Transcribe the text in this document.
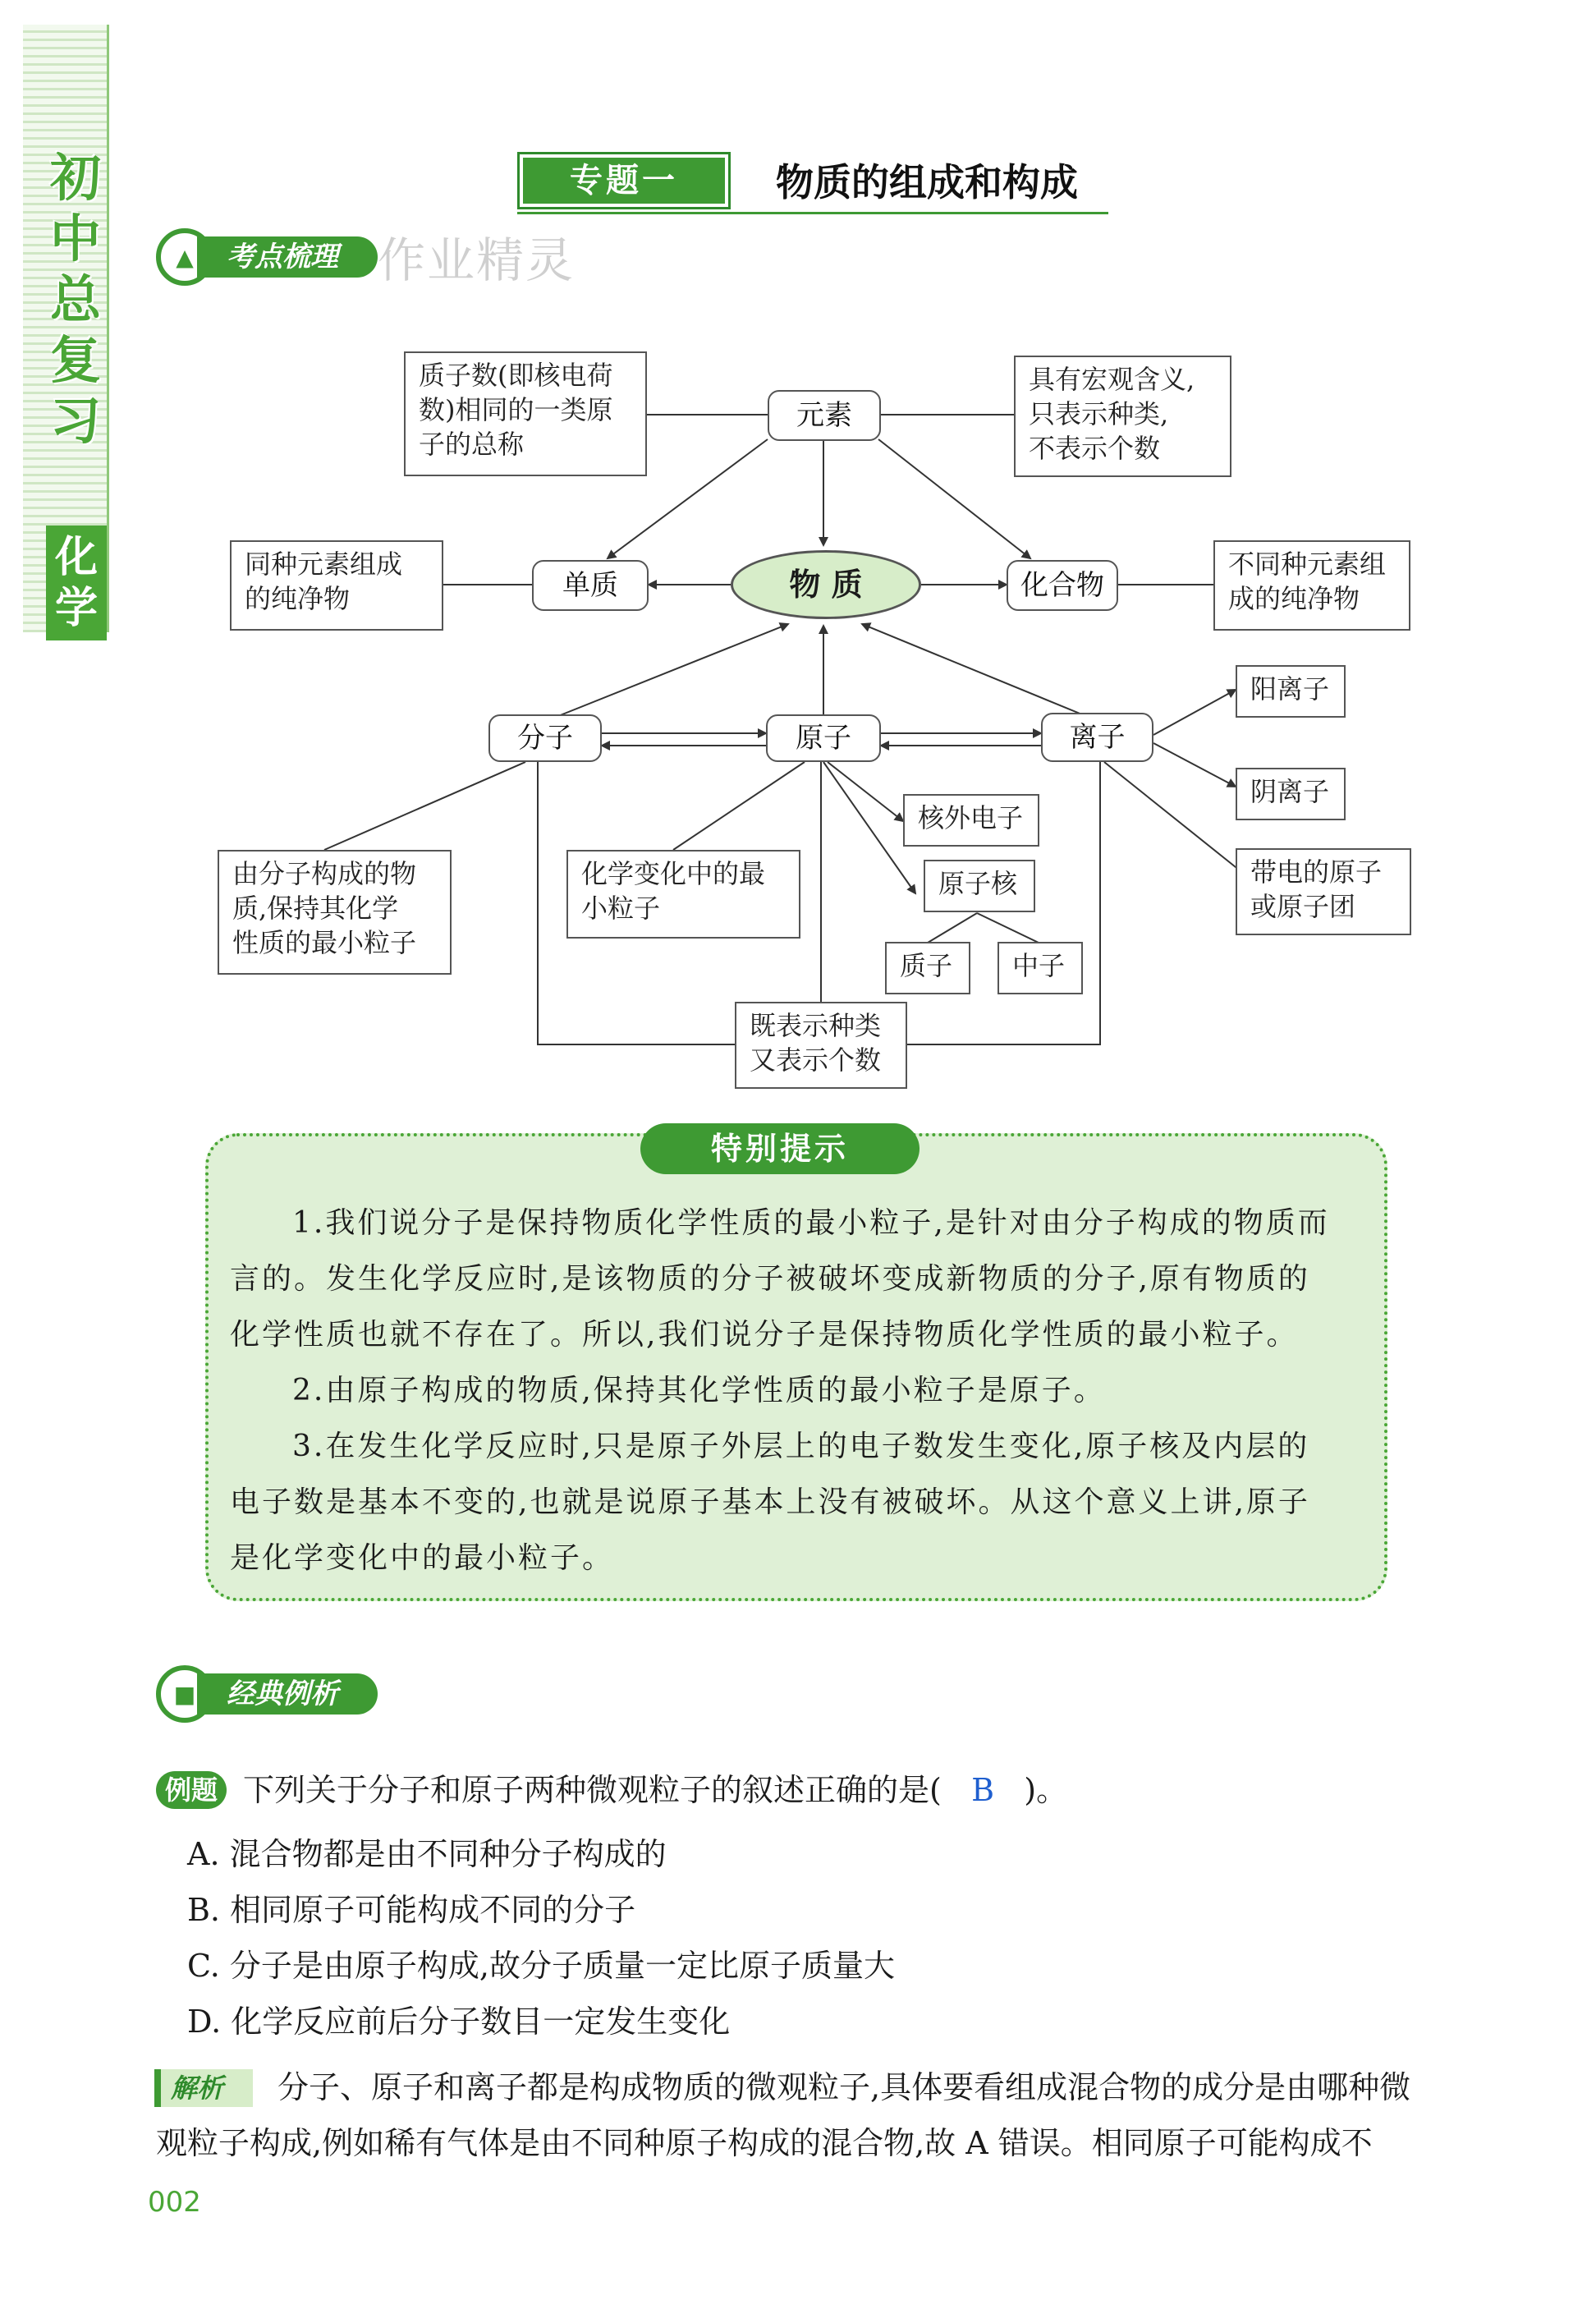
初中总复习
化学
专题一	物质的组成和构成
▲	考点梳理 作业精灵
质子数(即核电荷
数)相同的一类原
子的总称
元素
具有宏观含义,
只表示种类,
不表示个数
同种元素组成
的纯净物	单质	物 质	化合物
不同种元素组
成的纯净物
分子	原子	离子
阳离子
阴离子
带电的原子
或原子团
核外电子
原子核
质子	中子
由分子构成的物
质,保持其化学
性质的最小粒子
化学变化中的最
小粒子
既表示种类
又表示个数
特别提示
1.我们说分子是保持物质化学性质的最小粒子,是针对由分子构成的物质而
言的。发生化学反应时,是该物质的分子被破坏变成新物质的分子,原有物质的
化学性质也就不存在了。所以,我们说分子是保持物质化学性质的最小粒子。
2.由原子构成的物质,保持其化学性质的最小粒子是原子。
3.在发生化学反应时,只是原子外层上的电子数发生变化,原子核及内层的
电子数是基本不变的,也就是说原子基本上没有被破坏。从这个意义上讲,原子
是化学变化中的最小粒子。
■	经典例析
例题 下列关于分子和原子两种微观粒子的叙述正确的是( B )。
A. 混合物都是由不同种分子构成的
B. 相同原子可能构成不同的分子
C. 分子是由原子构成,故分子质量一定比原子质量大
D. 化学反应前后分子数目一定发生变化
解析	分子、原子和离子都是构成物质的微观粒子,具体要看组成混合物的成分是由哪种微
观粒子构成,例如稀有气体是由不同种原子构成的混合物,故 A 错误。相同原子可能构成不
002
